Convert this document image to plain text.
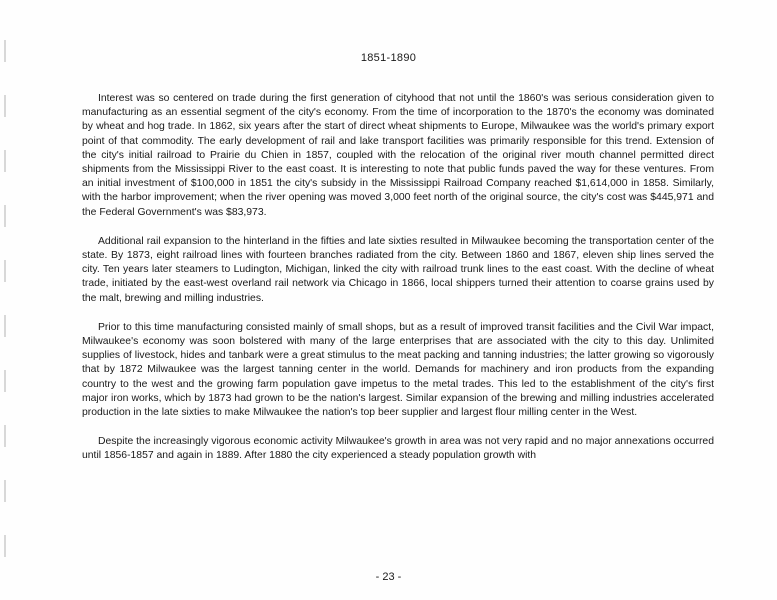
1851-1890

Interest was so centered on trade during the first generation of cityhood that not until the 1860's was serious consideration given to manufacturing as an essential segment of the city's economy. From the time of incorporation to the 1870's the economy was dominated by wheat and hog trade. In 1862, six years after the start of direct wheat shipments to Europe, Milwaukee was the world's primary export point of that commodity. The early development of rail and lake transport facilities was primarily responsible for this trend. Extension of the city's initial railroad to Prairie du Chien in 1857, coupled with the relocation of the original river mouth channel permitted direct shipments from the Mississippi River to the east coast. It is interesting to note that public funds paved the way for these ventures. From an initial investment of $100,000 in 1851 the city's subsidy in the Mississippi Railroad Company reached $1,614,000 in 1858. Similarly, with the harbor improvement; when the river opening was moved 3,000 feet north of the original source, the city's cost was $445,971 and the Federal Government's was $83,973.

Additional rail expansion to the hinterland in the fifties and late sixties resulted in Milwaukee becoming the transportation center of the state. By 1873, eight railroad lines with fourteen branches radiated from the city. Between 1860 and 1867, eleven ship lines served the city. Ten years later steamers to Ludington, Michigan, linked the city with railroad trunk lines to the east coast. With the decline of wheat trade, initiated by the east-west overland rail network via Chicago in 1866, local shippers turned their attention to coarse grains used by the malt, brewing and milling industries.

Prior to this time manufacturing consisted mainly of small shops, but as a result of improved transit facilities and the Civil War impact, Milwaukee's economy was soon bolstered with many of the large enterprises that are associated with the city to this day. Unlimited supplies of livestock, hides and tanbark were a great stimulus to the meat packing and tanning industries; the latter growing so vigorously that by 1872 Milwaukee was the largest tanning center in the world. Demands for machinery and iron products from the expanding country to the west and the growing farm population gave impetus to the metal trades. This led to the establishment of the city's first major iron works, which by 1873 had grown to be the nation's largest. Similar expansion of the brewing and milling industries accelerated production in the late sixties to make Milwaukee the nation's top beer supplier and largest flour milling center in the West.

Despite the increasingly vigorous economic activity Milwaukee's growth in area was not very rapid and no major annexations occurred until 1856-1857 and again in 1889. After 1880 the city experienced a steady population growth with

- 23 -
